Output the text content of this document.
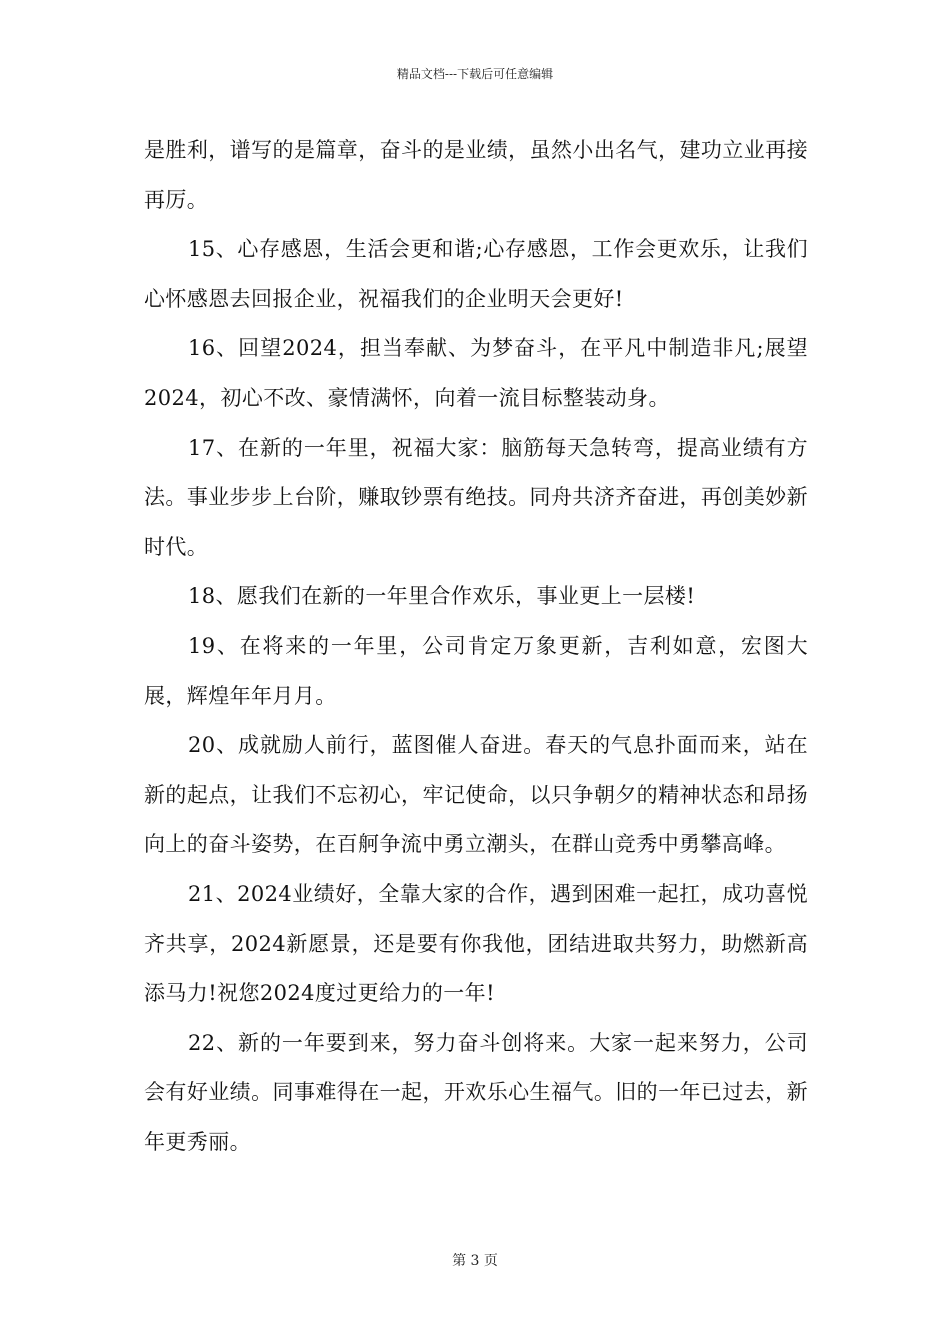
精品文档---下载后可任意编辑

是胜利，谱写的是篇章，奋斗的是业绩，虽然小出名气，建功立业再接再厉。

15、心存感恩，生活会更和谐;心存感恩，工作会更欢乐，让我们心怀感恩去回报企业，祝福我们的企业明天会更好!

16、回望2024，担当奉献、为梦奋斗，在平凡中制造非凡;展望2024，初心不改、豪情满怀，向着一流目标整装动身。

17、在新的一年里，祝福大家：脑筋每天急转弯，提高业绩有方法。事业步步上台阶，赚取钞票有绝技。同舟共济齐奋进，再创美妙新时代。

18、愿我们在新的一年里合作欢乐，事业更上一层楼!

19、在将来的一年里，公司肯定万象更新，吉利如意，宏图大展，辉煌年年月月。

20、成就励人前行，蓝图催人奋进。春天的气息扑面而来，站在新的起点，让我们不忘初心，牢记使命，以只争朝夕的精神状态和昂扬向上的奋斗姿势，在百舸争流中勇立潮头，在群山竞秀中勇攀高峰。

21、2024业绩好，全靠大家的合作，遇到困难一起扛，成功喜悦齐共享，2024新愿景，还是要有你我他，团结进取共努力，助燃新高添马力!祝您2024度过更给力的一年!

22、新的一年要到来，努力奋斗创将来。大家一起来努力，公司会有好业绩。同事难得在一起，开欢乐心生福气。旧的一年已过去，新年更秀丽。

第 3 页
